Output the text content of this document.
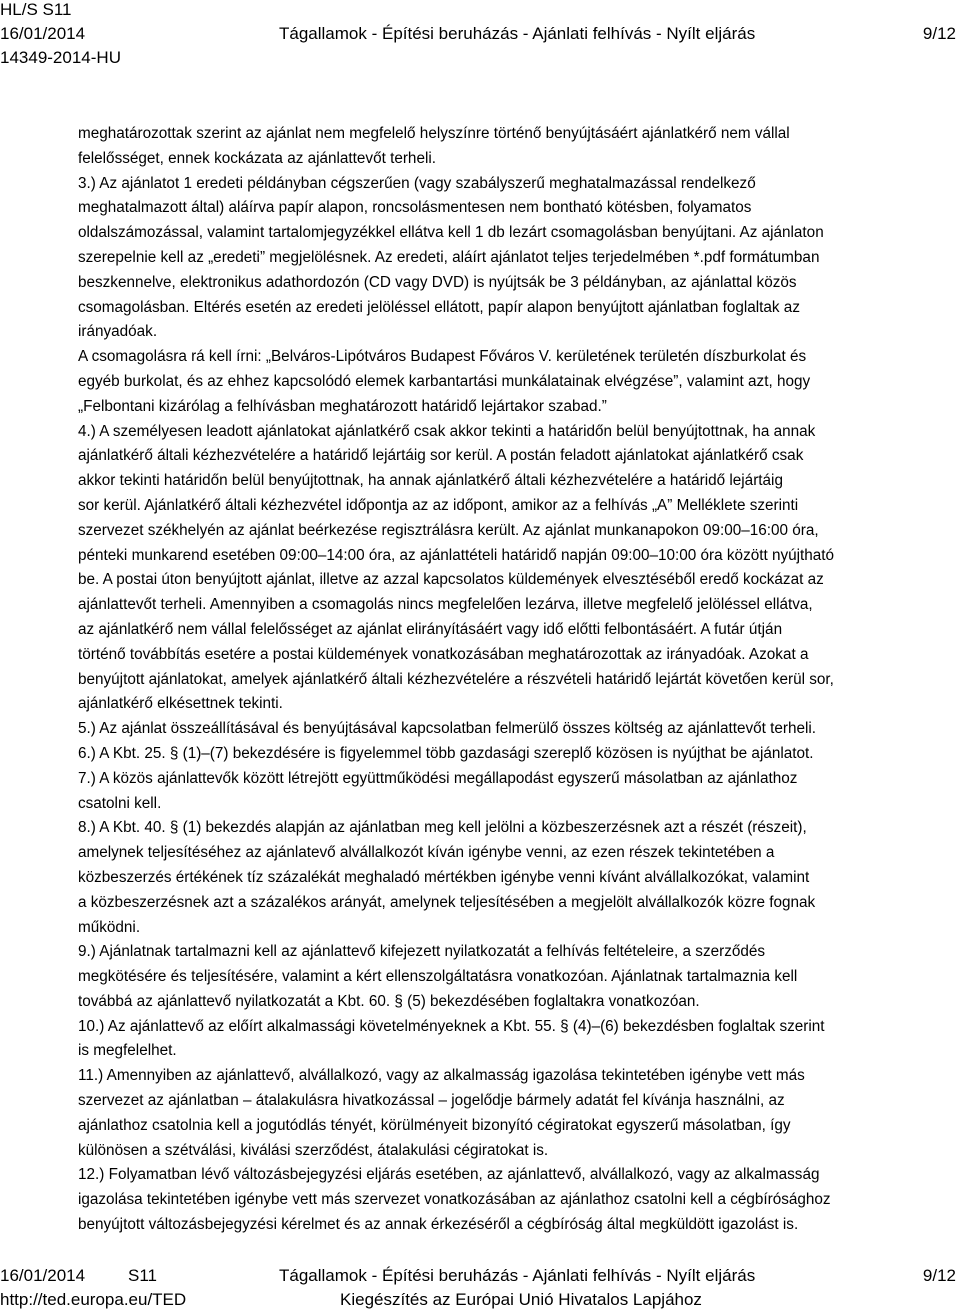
HL/S S11
16/01/2014
14349-2014-HU
Tágallamok - Építési beruházás - Ajánlati felhívás - Nyílt eljárás	9/12

meghatározottak szerint az ajánlat nem megfelelő helyszínre történő benyújtásáért ajánlatkérő nem vállal
felelősséget, ennek kockázata az ajánlattevőt terheli.

3.) Az ajánlatot 1 eredeti példányban cégszerűen (vagy szabályszerű meghatalmazással rendelkező
meghatalmazott által) aláírva papír alapon, roncsolásmentesen nem bontható kötésben, folyamatos
oldalszámozással, valamint tartalomjegyzékkel ellátva kell 1 db lezárt csomagolásban benyújtani. Az ajánlaton
szerepelnie kell az „eredeti” megjelölésnek. Az eredeti, aláírt ajánlatot teljes terjedelmében *.pdf formátumban
beszkennelve, elektronikus adathordozón (CD vagy DVD) is nyújtsák be 3 példányban, az ajánlattal közös
csomagolásban. Eltérés esetén az eredeti jelöléssel ellátott, papír alapon benyújtott ajánlatban foglaltak az
irányadóak.

A csomagolásra rá kell írni: „Belváros-Lipótváros Budapest Főváros V. kerületének területén díszburkolat és
egyéb burkolat, és az ehhez kapcsolódó elemek karbantartási munkálatainak elvégzése”, valamint azt, hogy
„Felbontani kizárólag a felhívásban meghatározott határidő lejártakor szabad.”

4.) A személyesen leadott ajánlatokat ajánlatkérő csak akkor tekinti a határidőn belül benyújtottnak, ha annak
ajánlatkérő általi kézhezvételére a határidő lejártáig sor kerül. A postán feladott ajánlatokat ajánlatkérő csak
akkor tekinti határidőn belül benyújtottnak, ha annak ajánlatkérő általi kézhezvételére a határidő lejártáig
sor kerül. Ajánlatkérő általi kézhezvétel időpontja az az időpont, amikor az a felhívás „A” Melléklete szerinti
szervezet székhelyén az ajánlat beérkezése regisztrálásra került. Az ajánlat munkanapokon 09:00–16:00 óra,
pénteki munkarend esetében 09:00–14:00 óra, az ajánlattételi határidő napján 09:00–10:00 óra között nyújtható
be. A postai úton benyújtott ajánlat, illetve az azzal kapcsolatos küldemények elvesztéséből eredő kockázat az
ajánlattevőt terheli. Amennyiben a csomagolás nincs megfelelően lezárva, illetve megfelelő jelöléssel ellátva,
az ajánlatkérő nem vállal felelősséget az ajánlat elirányításáért vagy idő előtti felbontásáért. A futár útján
történő továbbítás esetére a postai küldemények vonatkozásában meghatározottak az irányadóak. Azokat a
benyújtott ajánlatokat, amelyek ajánlatkérő általi kézhezvételére a részvételi határidő lejártát követően kerül sor,
ajánlatkérő elkésettnek tekinti.

5.) Az ajánlat összeállításával és benyújtásával kapcsolatban felmerülő összes költség az ajánlattevőt terheli.

6.) A Kbt. 25. § (1)–(7) bekezdésére is figyelemmel több gazdasági szereplő közösen is nyújthat be ajánlatot.

7.) A közös ajánlattevők között létrejött együttműködési megállapodást egyszerű másolatban az ajánlathoz
csatolni kell.

8.) A Kbt. 40. § (1) bekezdés alapján az ajánlatban meg kell jelölni a közbeszerzésnek azt a részét (részeit),
amelynek teljesítéséhez az ajánlatevő alvállalkozót kíván igénybe venni, az ezen részek tekintetében a
közbeszerzés értékének tíz százalékát meghaladó mértékben igénybe venni kívánt alvállalkozókat, valamint
a közbeszerzésnek azt a százalékos arányát, amelynek teljesítésében a megjelölt alvállalkozók közre fognak
működni.

9.) Ajánlatnak tartalmazni kell az ajánlattevő kifejezett nyilatkozatát a felhívás feltételeire, a szerződés
megkötésére és teljesítésére, valamint a kért ellenszolgáltatásra vonatkozóan. Ajánlatnak tartalmaznia kell
továbbá az ajánlattevő nyilatkozatát a Kbt. 60. § (5) bekezdésében foglaltakra vonatkozóan.

10.) Az ajánlattevő az előírt alkalmassági követelményeknek a Kbt. 55. § (4)–(6) bekezdésben foglaltak szerint
is megfelelhet.

11.) Amennyiben az ajánlattevő, alvállalkozó, vagy az alkalmasság igazolása tekintetében igénybe vett más
szervezet az ajánlatban – átalakulásra hivatkozással – jogelődje bármely adatát fel kívánja használni, az
ajánlathoz csatolnia kell a jogutódlás tényét, körülményeit bizonyító cégiratokat egyszerű másolatban, így
különösen a szétválási, kiválási szerződést, átalakulási cégiratokat is.

12.) Folyamatban lévő változásbejegyzési eljárás esetében, az ajánlattevő, alvállalkozó, vagy az alkalmasság
igazolása tekintetében igénybe vett más szervezet vonatkozásában az ajánlathoz csatolni kell a cégbírósághoz
benyújtott változásbejegyzési kérelmet és az annak érkezéséről a cégbíróság által megküldött igazolást is.

16/01/2014	S11
http://ted.europa.eu/TED
Tágallamok - Építési beruházás - Ajánlati felhívás - Nyílt eljárás
Kiegészítés az Európai Unió Hivatalos Lapjához
9/12
